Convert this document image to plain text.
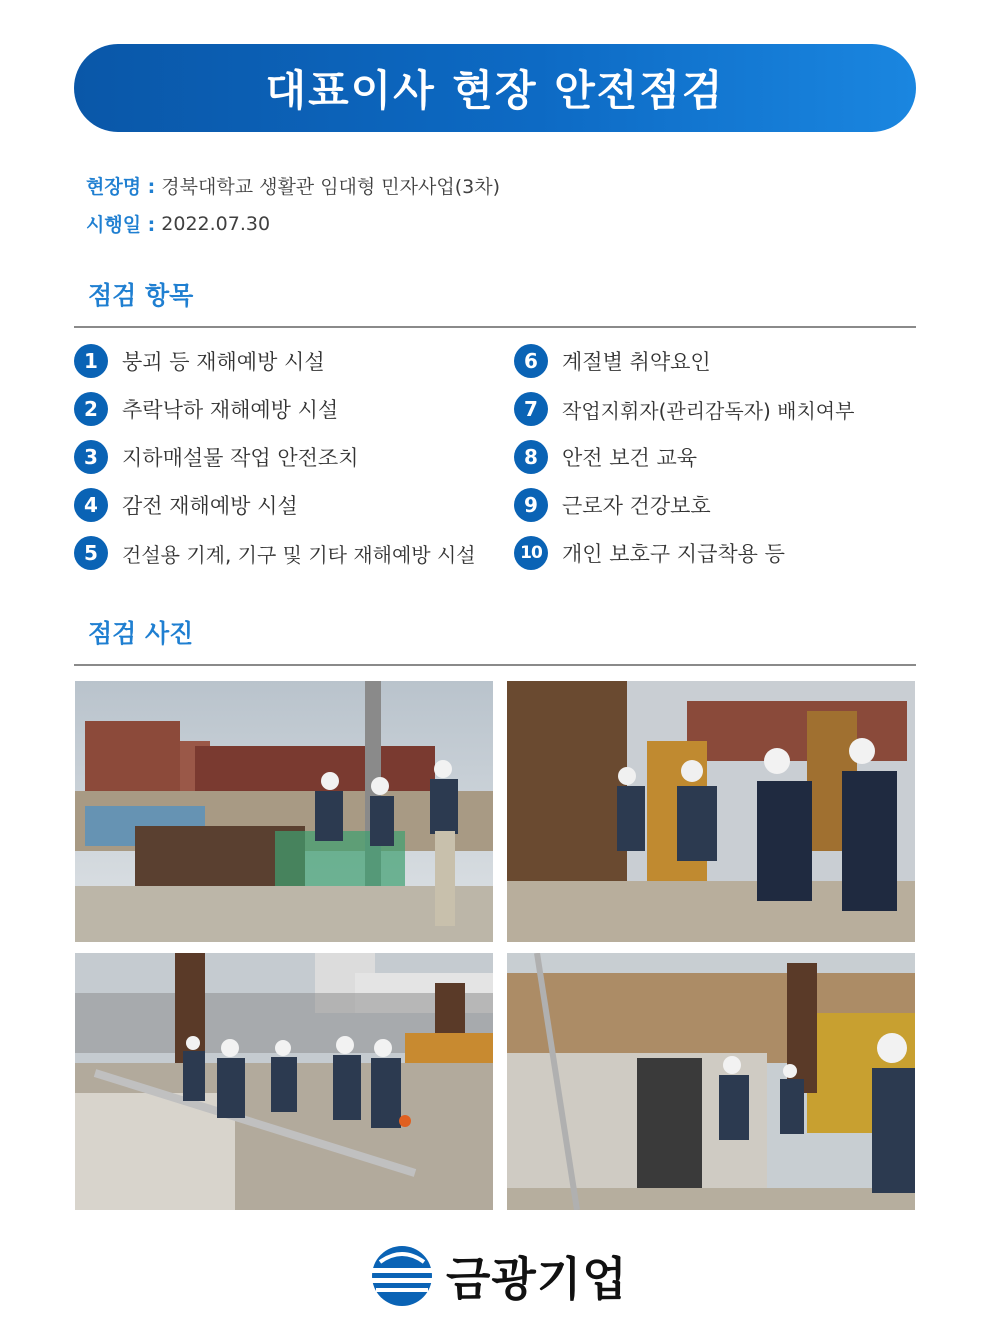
대표이사 현장 안전점검
현장명 : 경북대학교 생활관 임대형 민자사업(3차)
시행일 : 2022.07.30
점검 항목
1	붕괴 등 재해예방 시설
2	추락낙하 재해예방 시설
3	지하매설물 작업 안전조치
4	감전 재해예방 시설
5	건설용 기계, 기구 및 기타 재해예방 시설
6	계절별 취약요인
7	작업지휘자(관리감독자) 배치여부
8	안전 보건 교육
9	근로자 건강보호
10 개인 보호구 지급착용 등
점검 사진
금광기업
